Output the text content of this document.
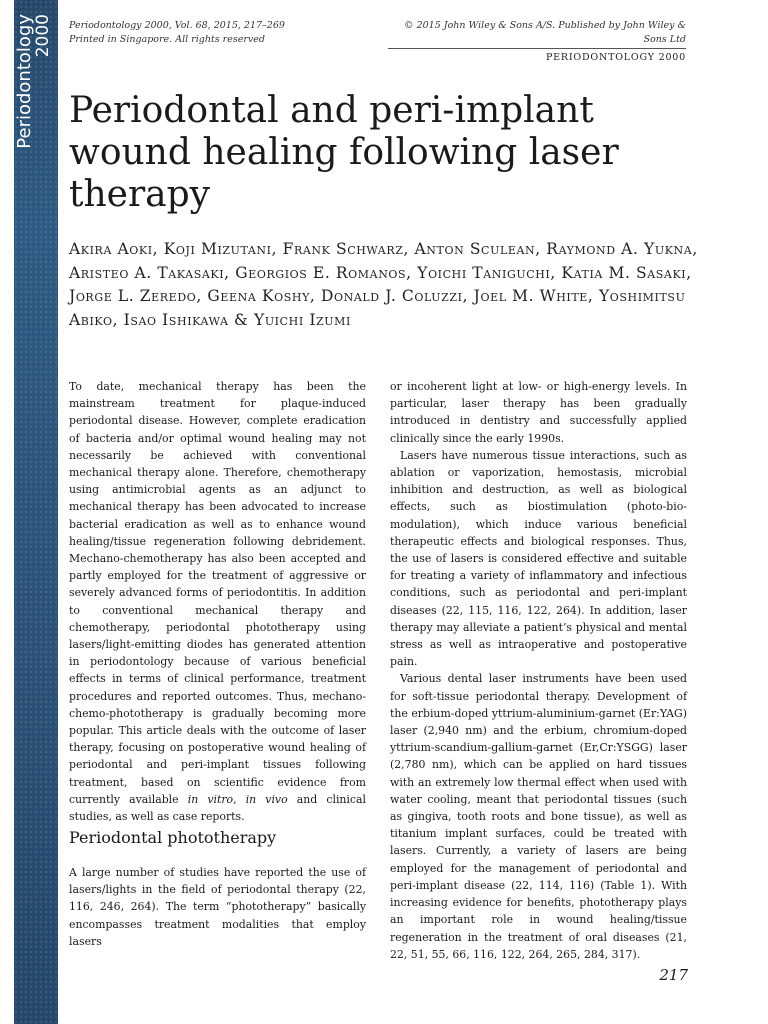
Periodontology
2000 Periodontology 2000, Vol. 68, 2015, 217–269
Printed in Singapore. All rights reserved
© 2015 John Wiley & Sons A/S. Published by John Wiley & Sons Ltd
PERIODONTOLOGY 2000
Periodontal and peri-implant wound healing following laser therapy

Akira Aoki, Koji Mizutani, Frank Schwarz, Anton Sculean, Raymond A. Yukna, Aristeo A. Takasaki, Georgios E. Romanos, Yoichi Taniguchi, Katia M. Sasaki, Jorge L. Zeredo, Geena Koshy, Donald J. Coluzzi, Joel M. White, Yoshimitsu Abiko, Isao Ishikawa & Yuichi Izumi

To date, mechanical therapy has been the mainstream treatment for plaque-induced periodontal disease. However, complete eradication of bacteria and/or optimal wound healing may not necessarily be achieved with conventional mechanical therapy alone. Therefore, chemotherapy using antimicrobial agents as an adjunct to mechanical therapy has been advocated to increase bacterial eradication as well as to enhance wound healing/tissue regeneration following debridement. Mechano-chemotherapy has also been accepted and partly employed for the treatment of aggressive or severely advanced forms of periodontitis. In addition to conventional mechanical therapy and chemotherapy, periodontal phototherapy using lasers/light-emitting diodes has generated attention in periodontology because of various beneficial effects in terms of clinical performance, treatment procedures and reported outcomes. Thus, mechano-chemo-phototherapy is gradually becoming more popular. This article deals with the outcome of laser therapy, focusing on postoperative wound healing of periodontal and peri-implant tissues following treatment, based on scientific evidence from currently available in vitro, in vivo and clinical studies, as well as case reports.

Periodontal phototherapy

A large number of studies have reported the use of lasers/lights in the field of periodontal therapy (22, 116, 246, 264). The term “phototherapy” basically encompasses treatment modalities that employ lasers

or incoherent light at low- or high-energy levels. In particular, laser therapy has been gradually introduced in dentistry and successfully applied clinically since the early 1990s.

Lasers have numerous tissue interactions, such as ablation or vaporization, hemostasis, microbial inhibition and destruction, as well as biological effects, such as biostimulation (photo-bio-modulation), which induce various beneficial therapeutic effects and biological responses. Thus, the use of lasers is considered effective and suitable for treating a variety of inflammatory and infectious conditions, such as periodontal and peri-implant diseases (22, 115, 116, 122, 264). In addition, laser therapy may alleviate a patient’s physical and mental stress as well as intraoperative and postoperative pain.

Various dental laser instruments have been used for soft-tissue periodontal therapy. Development of the erbium-doped yttrium-aluminium-garnet (Er:YAG) laser (2,940 nm) and the erbium, chromium-doped yttrium-scandium-gallium-garnet (Er,Cr:YSGG) laser (2,780 nm), which can be applied on hard tissues with an extremely low thermal effect when used with water cooling, meant that periodontal tissues (such as gingiva, tooth roots and bone tissue), as well as titanium implant surfaces, could be treated with lasers. Currently, a variety of lasers are being employed for the management of periodontal and peri-implant disease (22, 114, 116) (Table 1). With increasing evidence for benefits, phototherapy plays an important role in wound healing/tissue regeneration in the treatment of oral diseases (21, 22, 51, 55, 66, 116, 122, 264, 265, 284, 317).

217
